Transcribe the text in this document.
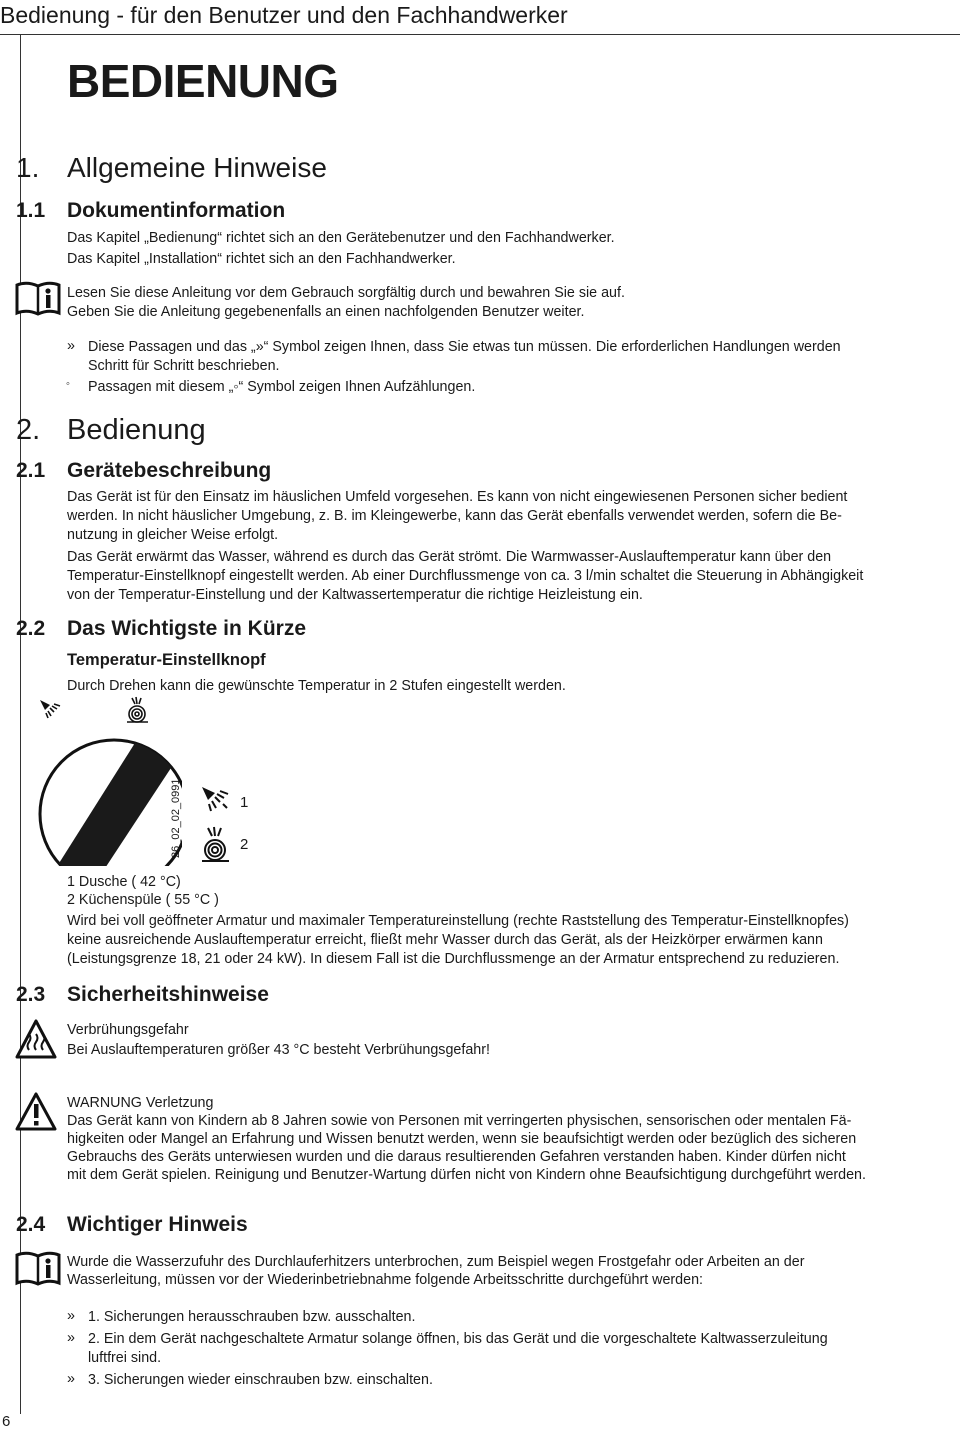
Bedienung - für den Benutzer und den Fachhandwerker
6
BEDIENUNG
1. Allgemeine Hinweise
1.1 Dokumentinformation
Das Kapitel „Bedienung“ richtet sich an den Gerätebenutzer und den Fachhandwerker.
Das Kapitel „Installation“ richtet sich an den Fachhandwerker.
Lesen Sie diese Anleitung vor dem Gebrauch sorgfältig durch und bewahren Sie sie auf.
Geben Sie die Anleitung gegebenenfalls an einen nachfolgenden Benutzer weiter.
» Diese Passagen und das „»“ Symbol zeigen Ihnen, dass Sie etwas tun müssen. Die erforderlichen Handlungen werden
Schritt für Schritt beschrieben.
◦ Passagen mit diesem „◦“ Symbol zeigen Ihnen Aufzählungen.
2. Bedienung
2.1 Gerätebeschreibung
Das Gerät ist für den Einsatz im häuslichen Umfeld vorgesehen. Es kann von nicht eingewiesenen Personen sicher bedient
werden. In nicht häuslicher Umgebung, z. B. im Kleingewerbe, kann das Gerät ebenfalls verwendet werden, sofern die Be-
nutzung in gleicher Weise erfolgt.
Das Gerät erwärmt das Wasser, während es durch das Gerät strömt. Die Warmwasser-Auslauftemperatur kann über den
Temperatur-Einstellknopf eingestellt werden. Ab einer Durchflussmenge von ca. 3 l/min schaltet die Steuerung in Abhängigkeit
von der Temperatur-Einstellung und der Kaltwassertemperatur die richtige Heizleistung ein.
2.2 Das Wichtigste in Kürze
Temperatur-Einstellknopf
Durch Drehen kann die gewünschte Temperatur in 2 Stufen eingestellt werden.
26_02_02_0991	1
2
1 Dusche ( 42 °C)
2 Küchenspüle ( 55 °C )
Wird bei voll geöffneter Armatur und maximaler Temperatureinstellung (rechte Raststellung des Temperatur-Einstellknopfes)
keine ausreichende Auslauftemperatur erreicht, fließt mehr Wasser durch das Gerät, als der Heizkörper erwärmen kann
(Leistungsgrenze 18, 21 oder 24 kW). In diesem Fall ist die Durchflussmenge an der Armatur entsprechend zu reduzieren.
2.3 Sicherheitshinweise
Verbrühungsgefahr
Bei Auslauftemperaturen größer 43 °C besteht Verbrühungsgefahr!
WARNUNG Verletzung
Das Gerät kann von Kindern ab 8 Jahren sowie von Personen mit verringerten physischen, sensorischen oder mentalen Fä-
higkeiten oder Mangel an Erfahrung und Wissen benutzt werden, wenn sie beaufsichtigt werden oder bezüglich des sicheren
Gebrauchs des Geräts unterwiesen wurden und die daraus resultierenden Gefahren verstanden haben. Kinder dürfen nicht
mit dem Gerät spielen. Reinigung und Benutzer-Wartung dürfen nicht von Kindern ohne Beaufsichtigung durchgeführt werden.
2.4 Wichtiger Hinweis
Wurde die Wasserzufuhr des Durchlauferhitzers unterbrochen, zum Beispiel wegen Frostgefahr oder Arbeiten an der
Wasserleitung, müssen vor der Wiederinbetriebnahme folgende Arbeitsschritte durchgeführt werden:
» 1. Sicherungen herausschrauben bzw. ausschalten.
» 2. Ein dem Gerät nachgeschaltete Armatur solange öffnen, bis das Gerät und die vorgeschaltete Kaltwasserzuleitung
luftfrei sind.
» 3. Sicherungen wieder einschrauben bzw. einschalten.
